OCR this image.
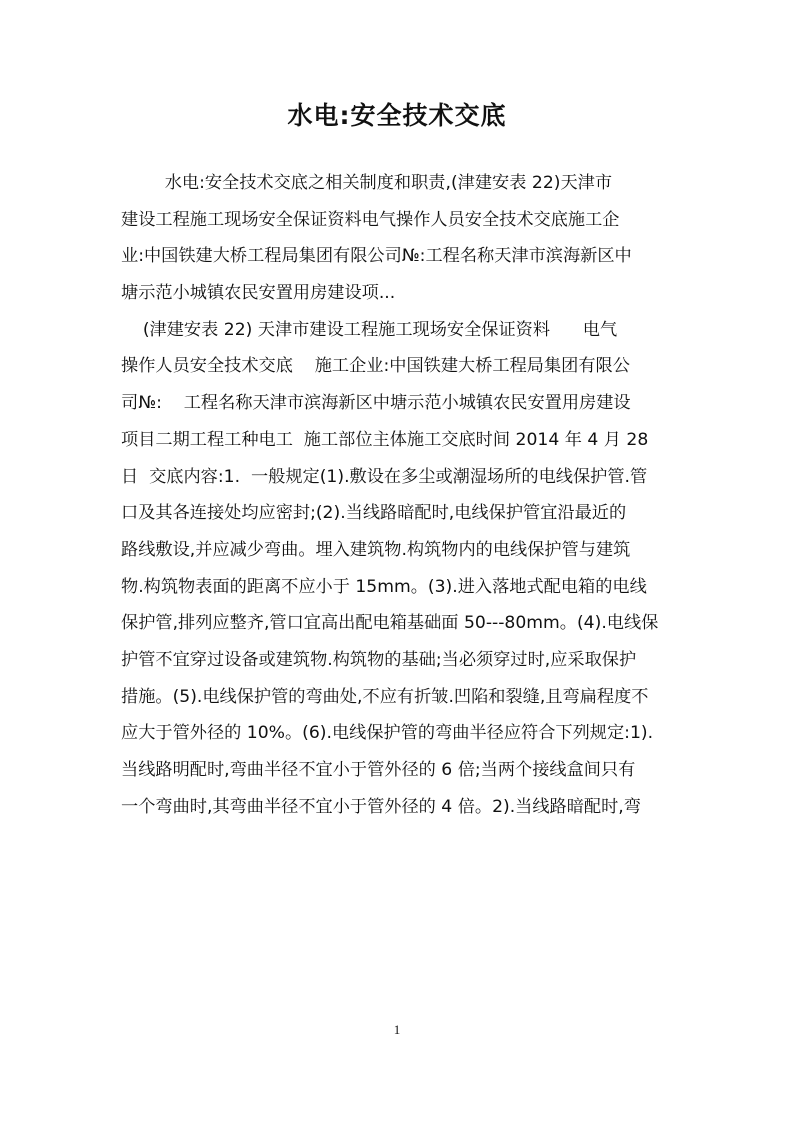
水电:安全技术交底
水电:安全技术交底之相关制度和职责,(津建安表 22)天津市
建设工程施工现场安全保证资料电气操作人员安全技术交底施工企
业:中国铁建大桥工程局集团有限公司№:工程名称天津市滨海新区中
塘示范小城镇农民安置用房建设项...
(津建安表 22) 天津市建设工程施工现场安全保证资料      电气
操作人员安全技术交底    施工企业:中国铁建大桥工程局集团有限公
司№:    工程名称天津市滨海新区中塘示范小城镇农民安置用房建设
项目二期工程工种电工  施工部位主体施工交底时间 2014 年 4 月 28
日  交底内容:1.  一般规定(1).敷设在多尘或潮湿场所的电线保护管.管
口及其各连接处均应密封;(2).当线路暗配时,电线保护管宜沿最近的
路线敷设,并应减少弯曲。埋入建筑物.构筑物内的电线保护管与建筑
物.构筑物表面的距离不应小于 15mm。(3).进入落地式配电箱的电线
保护管,排列应整齐,管口宜高出配电箱基础面 50---80mm。(4).电线保
护管不宜穿过设备或建筑物.构筑物的基础;当必须穿过时,应采取保护
措施。(5).电线保护管的弯曲处,不应有折皱.凹陷和裂缝,且弯扁程度不
应大于管外径的 10%。(6).电线保护管的弯曲半径应符合下列规定:1).
当线路明配时,弯曲半径不宜小于管外径的 6 倍;当两个接线盒间只有
一个弯曲时,其弯曲半径不宜小于管外径的 4 倍。2).当线路暗配时,弯
1
